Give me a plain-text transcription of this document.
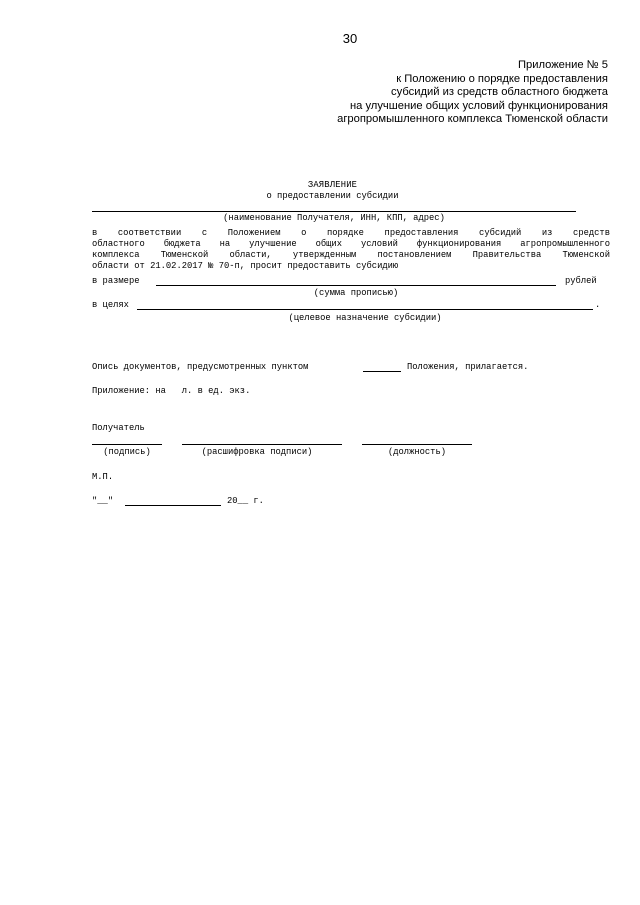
30
Приложение № 5
к Положению о порядке предоставления
субсидий из средств областного бюджета
на улучшение общих условий функционирования
агропромышленного комплекса Тюменской области
ЗАЯВЛЕНИЕ
о предоставлении субсидии
(наименование Получателя, ИНН, КПП, адрес)
в соответствии с Положением о порядке предоставления субсидий из средств
областного бюджета на улучшение общих условий функционирования агропромышленного
комплекса Тюменской области, утвержденным постановлением Правительства Тюменской
области от 21.02.2017 № 70-п, просит предоставить субсидию
в размере	рублей
(сумма прописью)
в целях	.
(целевое назначение субсидии)
Опись документов, предусмотренных пунктом	Положения, прилагается.
Приложение: на   л. в ед. экз.
Получатель
(подпись)	(расшифровка подписи)	(должность)
М.П.
"__"	20__ г.
